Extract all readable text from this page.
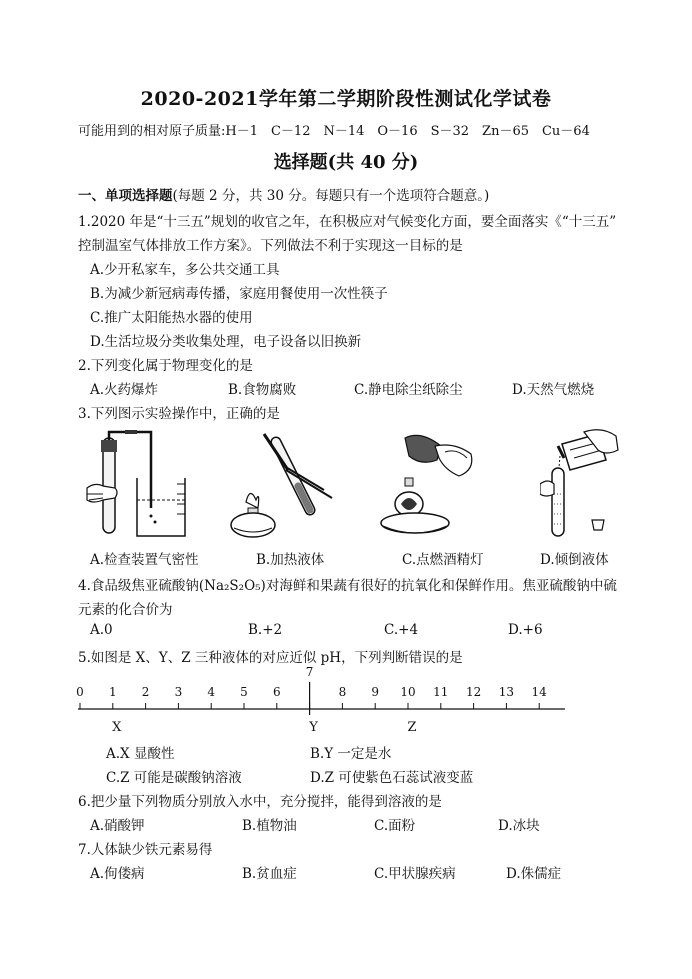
2020-2021学年第二学期阶段性测试化学试卷
可能用到的相对原子质量:H－1　C－12　N－14　O－16　S－32　Zn－65　Cu－64
选择题(共 40 分)
一、单项选择题(每题 2 分，共 30 分。每题只有一个选项符合题意。)
1.2020 年是“十三五”规划的收官之年，在积极应对气候变化方面，要全面落实《“十三五”
控制温室气体排放工作方案》。下列做法不利于实现这一目标的是
A.少开私家车，多公共交通工具
B.为减少新冠病毒传播，家庭用餐使用一次性筷子
C.推广太阳能热水器的使用
D.生活垃圾分类收集处理，电子设备以旧换新
2.下列变化属于物理变化的是
A.火药爆炸	B.食物腐败	C.静电除尘纸除尘	D.天然气燃烧
3.下列图示实验操作中，正确的是
A.检查装置气密性	B.加热液体	C.点燃酒精灯	D.倾倒液体
4.食品级焦亚硫酸钠(Na₂S₂O₅)对海鲜和果蔬有很好的抗氧化和保鲜作用。焦亚硫酸钠中硫
元素的化合价为
A.0	B.+2	C.+4	D.+6
5.如图是 X、Y、Z 三种液体的对应近似 pH，下列判断错误的是
0 1 2 3 4 5 6
7
8 9 10 11 12 13 14
X	Y	Z
A.X 显酸性	B.Y 一定是水
C.Z 可能是碳酸钠溶液	D.Z 可使紫色石蕊试液变蓝
6.把少量下列物质分别放入水中，充分搅拌，能得到溶液的是
A.硝酸钾	B.植物油	C.面粉	D.冰块
7.人体缺少铁元素易得
A.佝偻病	B.贫血症	C.甲状腺疾病	D.侏儒症
